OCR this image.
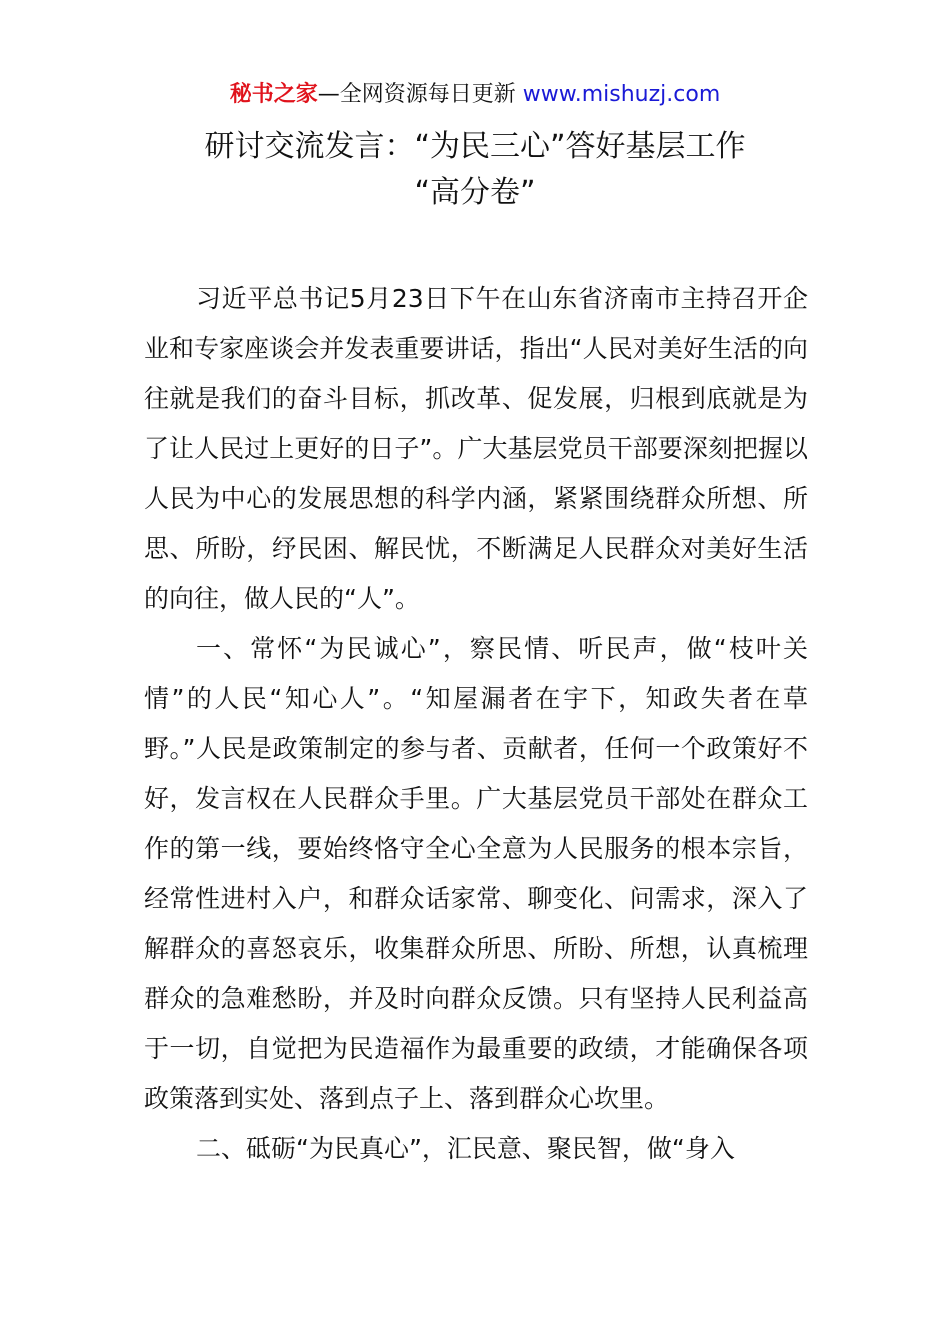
秘书之家—全网资源每日更新 www.mishuzj.com
研讨交流发言：“为民三心”答好基层工作
“高分卷”

习近平总书记5月23日下午在山东省济南市主持召开企业和专家座谈会并发表重要讲话，指出“人民对美好生活的向往就是我们的奋斗目标，抓改革、促发展，归根到底就是为了让人民过上更好的日子”。广大基层党员干部要深刻把握以人民为中心的发展思想的科学内涵，紧紧围绕群众所想、所思、所盼，纾民困、解民忧，不断满足人民群众对美好生活的向往，做人民的“人”。

一、常怀“为民诚心”，察民情、听民声，做“枝叶关情”的人民“知心人”。“知屋漏者在宇下，知政失者在草野。”人民是政策制定的参与者、贡献者，任何一个政策好不好，发言权在人民群众手里。广大基层党员干部处在群众工作的第一线，要始终恪守全心全意为人民服务的根本宗旨，经常性进村入户，和群众话家常、聊变化、问需求，深入了解群众的喜怒哀乐，收集群众所思、所盼、所想，认真梳理群众的急难愁盼，并及时向群众反馈。只有坚持人民利益高于一切，自觉把为民造福作为最重要的政绩，才能确保各项政策落到实处、落到点子上、落到群众心坎里。

二、砥砺“为民真心”，汇民意、聚民智，做“身入
